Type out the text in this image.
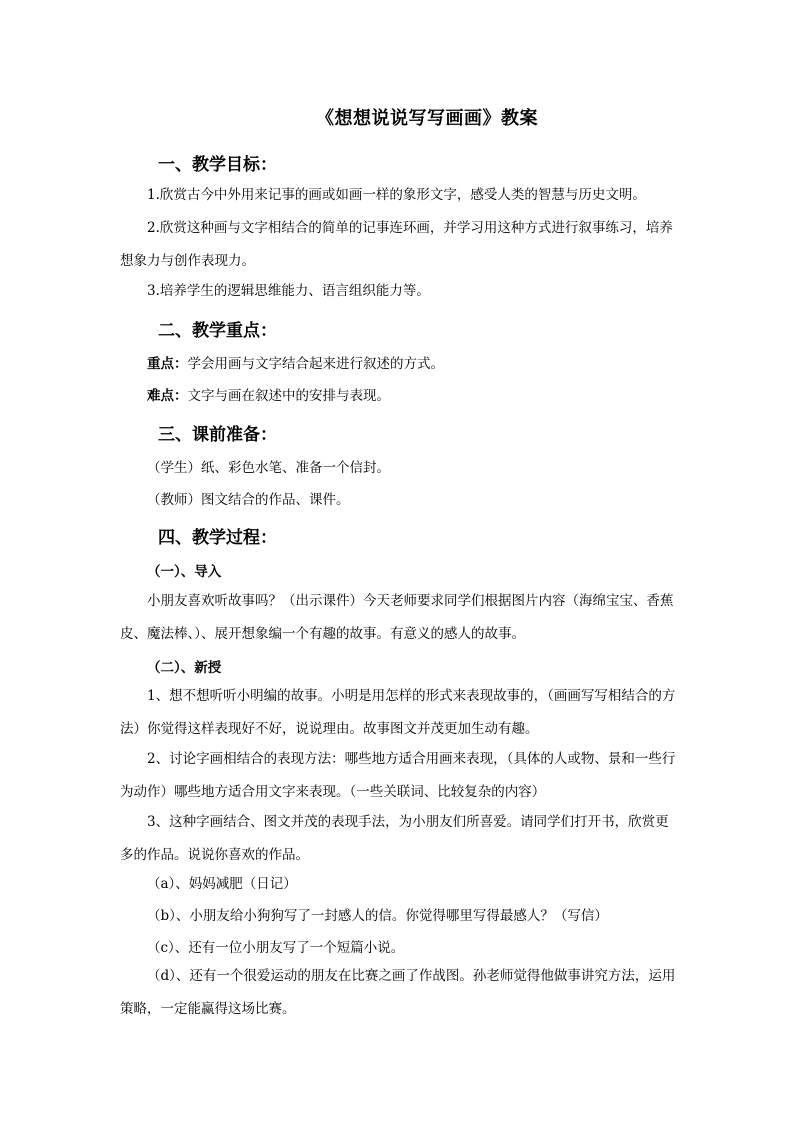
《想想说说写写画画》教案
一、教学目标：

1.欣赏古今中外用来记事的画或如画一样的象形文字，感受人类的智慧与历史文明。

2.欣赏这种画与文字相结合的简单的记事连环画，并学习用这种方式进行叙事练习，培养想象力与创作表现力。

3.培养学生的逻辑思维能力、语言组织能力等。

二、教学重点：
重点：学会用画与文字结合起来进行叙述的方式。
难点：文字与画在叙述中的安排与表现。
三、课前准备：
（学生）纸、彩色水笔、准备一个信封。
（教师）图文结合的作品、课件。
四、教学过程：
（一）、导入

小朋友喜欢听故事吗？（出示课件）今天老师要求同学们根据图片内容（海绵宝宝、香蕉皮、魔法棒、）、展开想象编一个有趣的故事。有意义的感人的故事。

（二）、新授

1、想不想听听小明编的故事。小明是用怎样的形式来表现故事的，（画画写写相结合的方法）你觉得这样表现好不好，说说理由。故事图文并茂更加生动有趣。

2、讨论字画相结合的表现方法：哪些地方适合用画来表现，（具体的人或物、景和一些行为动作）哪些地方适合用文字来表现。（一些关联词、比较复杂的内容）

3、这种字画结合、图文并茂的表现手法，为小朋友们所喜爱。请同学们打开书，欣赏更多的作品。说说你喜欢的作品。

（a）、妈妈减肥（日记）
（b）、小朋友给小狗狗写了一封感人的信。你觉得哪里写得最感人？（写信）
（c）、还有一位小朋友写了一个短篇小说。

（d）、还有一个很爱运动的朋友在比赛之画了作战图。孙老师觉得他做事讲究方法，运用策略，一定能赢得这场比赛。
